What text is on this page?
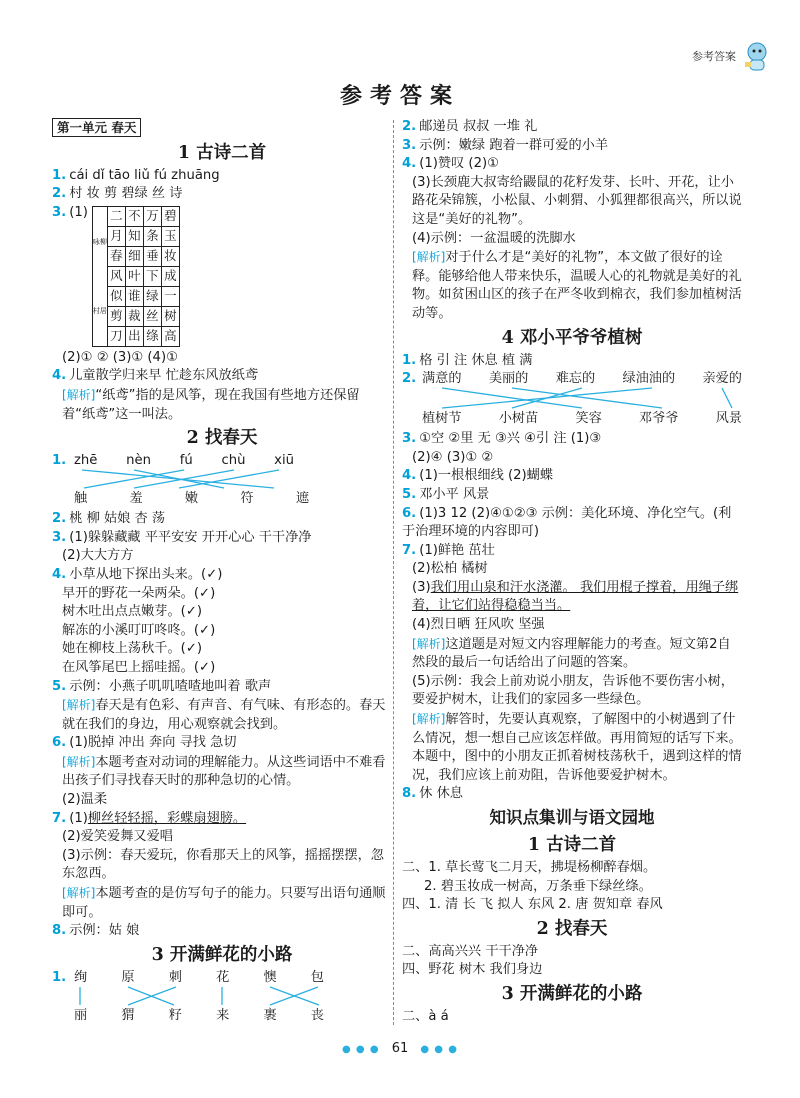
参考答案
参考答案
第一单元 春天
1 古诗二首
1. cái dǐ tāo liǔ fú zhuāng
2. 村 妆 剪 碧绿 丝 诗
3. (1)
咏柳
村居
二	不	万	碧
月	知	条	玉
春	细	垂	妆
风	叶	下	成
似	谁	绿	一
剪	裁	丝	树
刀	出	绦	高
(2)① ② (3)① (4)①
4. 儿童散学归来早 忙趁东风放纸鸢
[解析]“纸鸢”指的是风筝，现在我国有些地方还保留着“纸鸢”这一叫法。
2 找春天
1. zhē nèn fú chù xiū
触	羞	嫩	符	遮
2. 桃 柳 姑娘 杏 荡
3. (1)躲躲藏藏 平平安安 开开心心 干干净净
(2)大大方方
4. 小草从地下探出头来。(✓)
早开的野花一朵两朵。(✓)
树木吐出点点嫩芽。(✓)
解冻的小溪叮叮咚咚。(✓)
她在柳枝上荡秋千。(✓)
在风筝尾巴上摇哇摇。(✓)
5. 示例：小燕子叽叽喳喳地叫着 歌声
[解析]春天是有色彩、有声音、有气味、有形态的。春天就在我们的身边，用心观察就会找到。
6. (1)脱掉 冲出 奔向 寻找 急切
[解析]本题考查对动词的理解能力。从这些词语中不难看出孩子们寻找春天时的那种急切的心情。
(2)温柔
7. (1)柳丝轻轻摇，彩蝶扇翅膀。
(2)爱笑爱舞又爱唱
(3)示例：春天爱玩，你看那天上的风筝，摇摇摆摆，忽东忽西。
[解析]本题考查的是仿写句子的能力。只要写出语句通顺即可。
8. 示例：姑 娘
3 开满鲜花的小路
1. 绚	原	刺	花	懊	包
丽	猬	籽	来	裹	丧
2. 邮递员 叔叔 一堆 礼
3. 示例：嫩绿 跑着一群可爱的小羊
4. (1)赞叹 (2)①
(3)长颈鹿大叔寄给鼹鼠的花籽发芽、长叶、开花，让小路花朵锦簇，小松鼠、小刺猬、小狐狸都很高兴，所以说这是“美好的礼物”。
(4)示例：一盆温暖的洗脚水
[解析]对于什么才是“美好的礼物”，本文做了很好的诠释。能够给他人带来快乐，温暖人心的礼物就是美好的礼物。如贫困山区的孩子在严冬收到棉衣，我们参加植树活动等。
4 邓小平爷爷植树
1. 格 引 注 休息 植 满
2. 满意的 美丽的 难忘的 绿油油的 亲爱的
植树节	小树苗	笑容	邓爷爷	风景
3. ①空 ②里 无 ③兴 ④引 注 (1)③
(2)④ (3)① ②
4. (1)一根根细线 (2)蝴蝶
5. 邓小平 风景
6. (1)3 12 (2)④①②③ 示例：美化环境、净化空气。(利于治理环境的内容即可)
7. (1)鲜艳 茁壮
(2)松柏 橘树
(3)我们用山泉和汗水浇灌。 我们用棍子撑着，用绳子绑着，让它们站得稳稳当当。
(4)烈日晒 狂风吹 坚强
[解析]这道题是对短文内容理解能力的考查。短文第2自然段的最后一句话给出了问题的答案。
(5)示例：我会上前劝说小朋友，告诉他不要伤害小树，要爱护树木，让我们的家园多一些绿色。
[解析]解答时，先要认真观察，了解图中的小树遇到了什么情况，想一想自己应该怎样做。再用简短的话写下来。本题中，图中的小朋友正抓着树枝荡秋千，遇到这样的情况，我们应该上前劝阻，告诉他要爱护树木。
8. 休 休息
知识点集训与语文园地
1 古诗二首
二、1. 草长莺飞二月天，拂堤杨柳醉春烟。
2. 碧玉妆成一树高，万条垂下绿丝绦。
四、1. 清 长 飞 拟人 东风 2. 唐 贺知章 春风
2 找春天
二、高高兴兴 干干净净
四、野花 树木 我们身边
3 开满鲜花的小路
二、à á
● ● ● 61 ● ● ●
